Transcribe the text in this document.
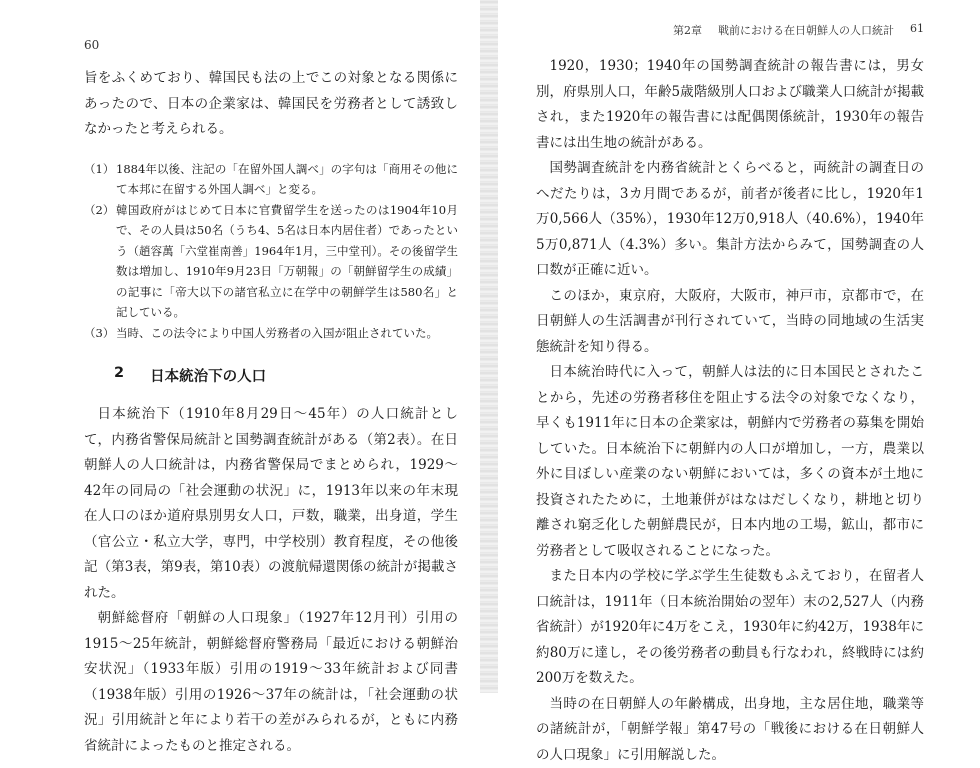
60

旨をふくめており、韓国民も法の上でこの対象となる関係にあったので、日本の企業家は、韓国民を労務者として誘致しなかったと考えられる。

（1） 1884年以後、注記の「在留外国人調べ」の字句は「商用その他にて本邦に在留する外国人調べ」と変る。
（2） 韓国政府がはじめて日本に官費留学生を送ったのは1904年10月で、その人員は50名（うち4、5名は日本内居住者）であったという（趙容萬「六堂崔南善」1964年1月，三中堂刊）。その後留学生数は増加し、1910年9月23日「万朝報」の「朝鮮留学生の成績」の記事に「帝大以下の諸官私立に在学中の朝鮮学生は580名」と記している。
（3） 当時、この法令により中国人労務者の入国が阻止されていた。
2 日本統治下の人口

日本統治下（1910年8月29日〜45年）の人口統計として，内務省警保局統計と国勢調査統計がある（第2表）。在日朝鮮人の人口統計は，内務省警保局でまとめられ，1929〜42年の同局の「社会運動の状況」に，1913年以来の年末現在人口のほか道府県別男女人口，戸数，職業，出身道，学生（官公立・私立大学，専門，中学校別）教育程度，その他後記（第3表，第9表，第10表）の渡航帰還関係の統計が掲載された。

朝鮮総督府「朝鮮の人口現象」（1927年12月刊）引用の1915〜25年統計，朝鮮総督府警務局「最近における朝鮮治安状況」（1933年版）引用の1919〜33年統計および同書（1938年版）引用の1926〜37年の統計は，「社会運動の状況」引用統計と年により若干の差がみられるが，ともに内務省統計によったものと推定される。

第2章 戦前における在日朝鮮人の人口統計 61

1920，1930；1940年の国勢調査統計の報告書には，男女別，府県別人口，年齢5歳階級別人口および職業人口統計が掲載され，また1920年の報告書には配偶関係統計，1930年の報告書には出生地の統計がある。

国勢調査統計を内務省統計とくらべると，両統計の調査日のへだたりは，3カ月間であるが，前者が後者に比し，1920年1万0,566人（35%），1930年12万0,918人（40.6%），1940年5万0,871人（4.3%）多い。集計方法からみて，国勢調査の人口数が正確に近い。

このほか，東京府，大阪府，大阪市，神戸市，京都市で，在日朝鮮人の生活調書が刊行されていて，当時の同地域の生活実態統計を知り得る。

日本統治時代に入って，朝鮮人は法的に日本国民とされたことから，先述の労務者移住を阻止する法令の対象でなくなり，早くも1911年に日本の企業家は，朝鮮内で労務者の募集を開始していた。日本統治下に朝鮮内の人口が増加し，一方，農業以外に目ぼしい産業のない朝鮮においては，多くの資本が土地に投資されたために，土地兼併がはなはだしくなり，耕地と切り離され窮乏化した朝鮮農民が，日本内地の工場，鉱山，都市に労務者として吸収されることになった。

また日本内の学校に学ぶ学生生徒数もふえており，在留者人口統計は，1911年（日本統治開始の翌年）末の2,527人（内務省統計）が1920年に4万をこえ，1930年に約42万，1938年に約80万に達し，その後労務者の動員も行なわれ，終戦時には約200万を数えた。

当時の在日朝鮮人の年齢構成，出身地，主な居住地，職業等の諸統計が，「朝鮮学報」第47号の「戦後における在日朝鮮人の人口現象」に引用解説した。
